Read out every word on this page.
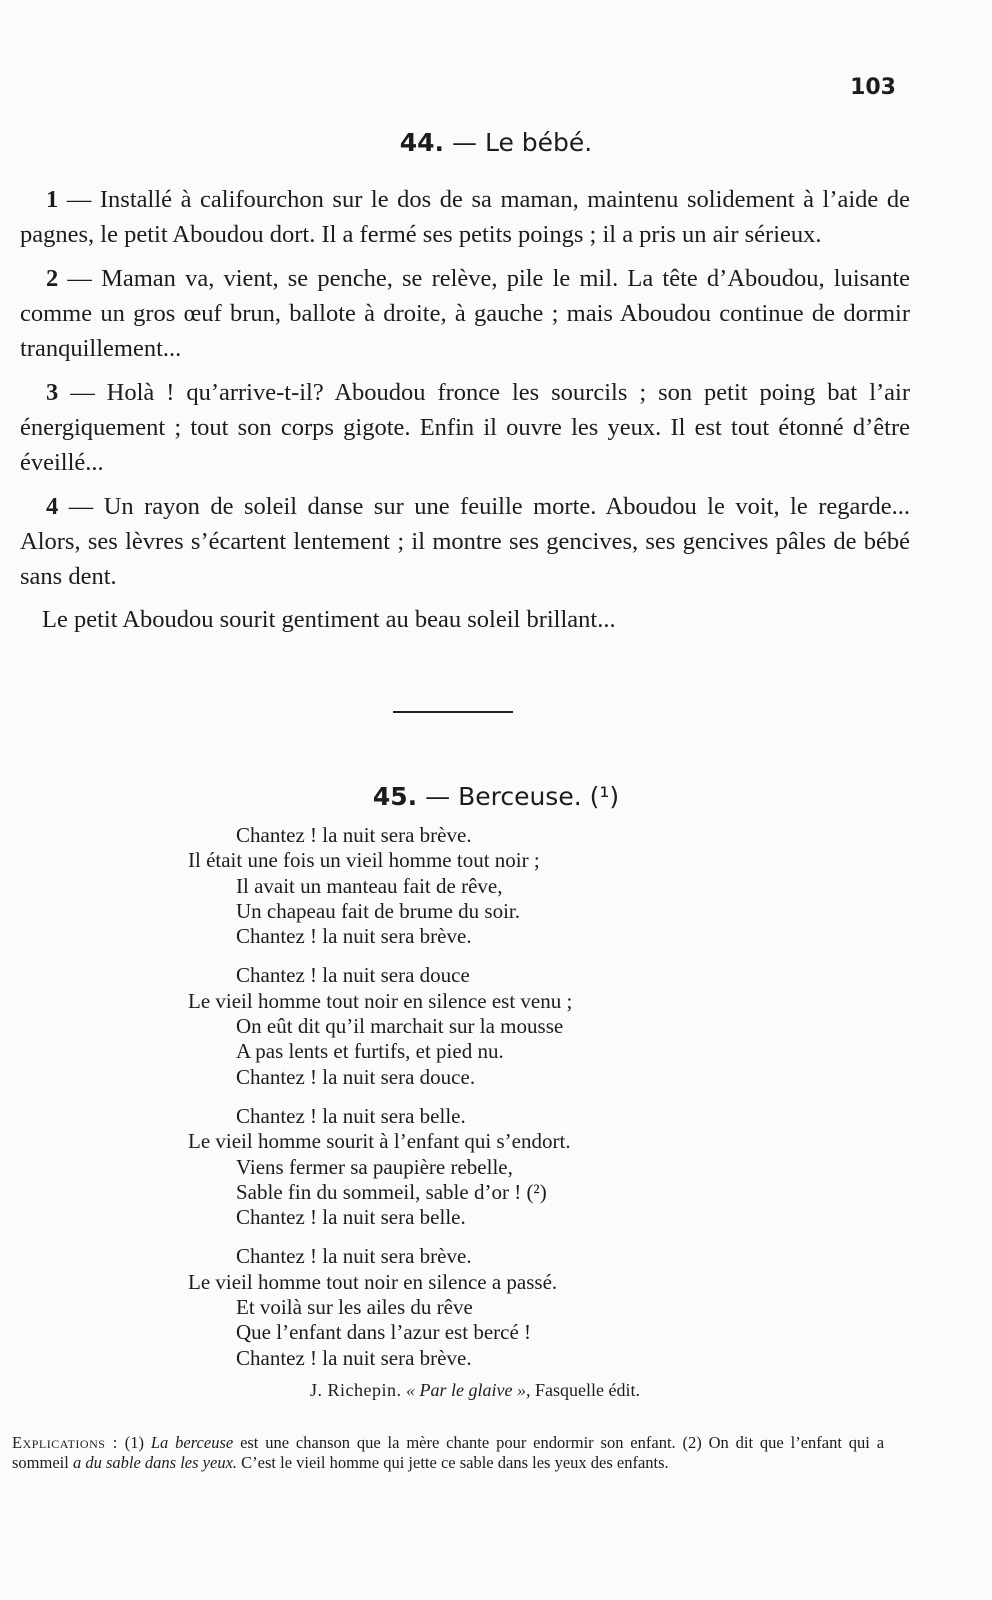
103
44. — Le bébé.

1 — Installé à califourchon sur le dos de sa maman, maintenu solidement à l’aide de pagnes, le petit Aboudou dort. Il a fermé ses petits poings ; il a pris un air sérieux.

2 — Maman va, vient, se penche, se relève, pile le mil. La tête d’Aboudou, luisante comme un gros œuf brun, ballote à droite, à gauche ; mais Aboudou continue de dormir tranquillement...

3 — Holà ! qu’arrive-t-il? Aboudou fronce les sourcils ; son petit poing bat l’air énergiquement ; tout son corps gigote. Enfin il ouvre les yeux. Il est tout étonné d’être éveillé...

4 — Un rayon de soleil danse sur une feuille morte. Aboudou le voit, le regarde... Alors, ses lèvres s’écartent lentement ; il montre ses gencives, ses gencives pâles de bébé sans dent.

Le petit Aboudou sourit gentiment au beau soleil brillant...

45. — Berceuse. (¹)
Chantez ! la nuit sera brève.
Il était une fois un vieil homme tout noir ;
Il avait un manteau fait de rêve,
Un chapeau fait de brume du soir.
Chantez ! la nuit sera brève.
Chantez ! la nuit sera douce
Le vieil homme tout noir en silence est venu ;
On eût dit qu’il marchait sur la mousse
A pas lents et furtifs, et pied nu.
Chantez ! la nuit sera douce.
Chantez ! la nuit sera belle.
Le vieil homme sourit à l’enfant qui s’endort.
Viens fermer sa paupière rebelle,
Sable fin du sommeil, sable d’or ! (²)
Chantez ! la nuit sera belle.
Chantez ! la nuit sera brève.
Le vieil homme tout noir en silence a passé.
Et voilà sur les ailes du rêve
Que l’enfant dans l’azur est bercé !
Chantez ! la nuit sera brève.
J. Richepin. « Par le glaive », Fasquelle édit.
Explications : (1) La berceuse est une chanson que la mère chante pour endormir son enfant. (2) On dit que l’enfant qui a sommeil a du sable dans les yeux. C’est le vieil homme qui jette ce sable dans les yeux des enfants.
